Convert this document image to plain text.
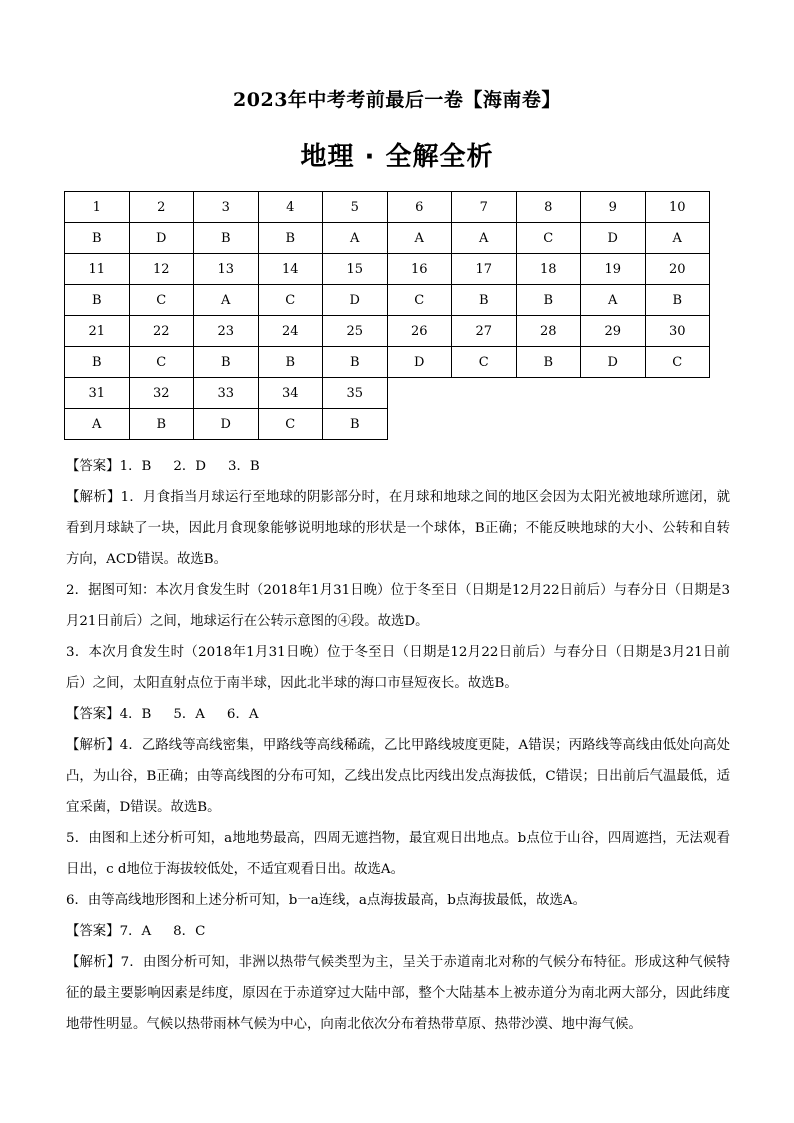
2023年中考考前最后一卷【海南卷】
地理 · 全解全析
1	2	3	4	5	6	7	8	9	10
B	D	B	B	A	A	A	C	D	A
11	12	13	14	15	16	17	18	19	20
B	C	A	C	D	C	B	B	A	B
21	22	23	24	25	26	27	28	29	30
B	C	B	B	B	D	C	B	D	C
31	32	33	34	35					
A	B	D	C	B					

【答案】1．B 2．D 3．B

【解析】1．月食指当月球运行至地球的阴影部分时，在月球和地球之间的地区会因为太阳光被地球所遮闭，就看到月球缺了一块，因此月食现象能够说明地球的形状是一个球体，B正确；不能反映地球的大小、公转和自转方向，ACD错误。故选B。

2．据图可知：本次月食发生时（2018年1月31日晚）位于冬至日（日期是12月22日前后）与春分日（日期是3月21日前后）之间，地球运行在公转示意图的④段。故选D。

3．本次月食发生时（2018年1月31日晚）位于冬至日（日期是12月22日前后）与春分日（日期是3月21日前后）之间，太阳直射点位于南半球，因此北半球的海口市昼短夜长。故选B。

【答案】4．B 5．A 6．A

【解析】4．乙路线等高线密集，甲路线等高线稀疏，乙比甲路线坡度更陡，A错误；丙路线等高线由低处向高处凸，为山谷，B正确；由等高线图的分布可知，乙线出发点比丙线出发点海拔低，C错误；日出前后气温最低，适宜采菌，D错误。故选B。

5．由图和上述分析可知，a地地势最高，四周无遮挡物，最宜观日出地点。b点位于山谷，四周遮挡，无法观看日出，c d地位于海拔较低处，不适宜观看日出。故选A。

6．由等高线地形图和上述分析可知，b一a连线，a点海拔最高，b点海拔最低，故选A。

【答案】7．A 8．C

【解析】7．由图分析可知，非洲以热带气候类型为主，呈关于赤道南北对称的气候分布特征。形成这种气候特征的最主要影响因素是纬度，原因在于赤道穿过大陆中部，整个大陆基本上被赤道分为南北两大部分，因此纬度地带性明显。气候以热带雨林气候为中心，向南北依次分布着热带草原、热带沙漠、地中海气候。
